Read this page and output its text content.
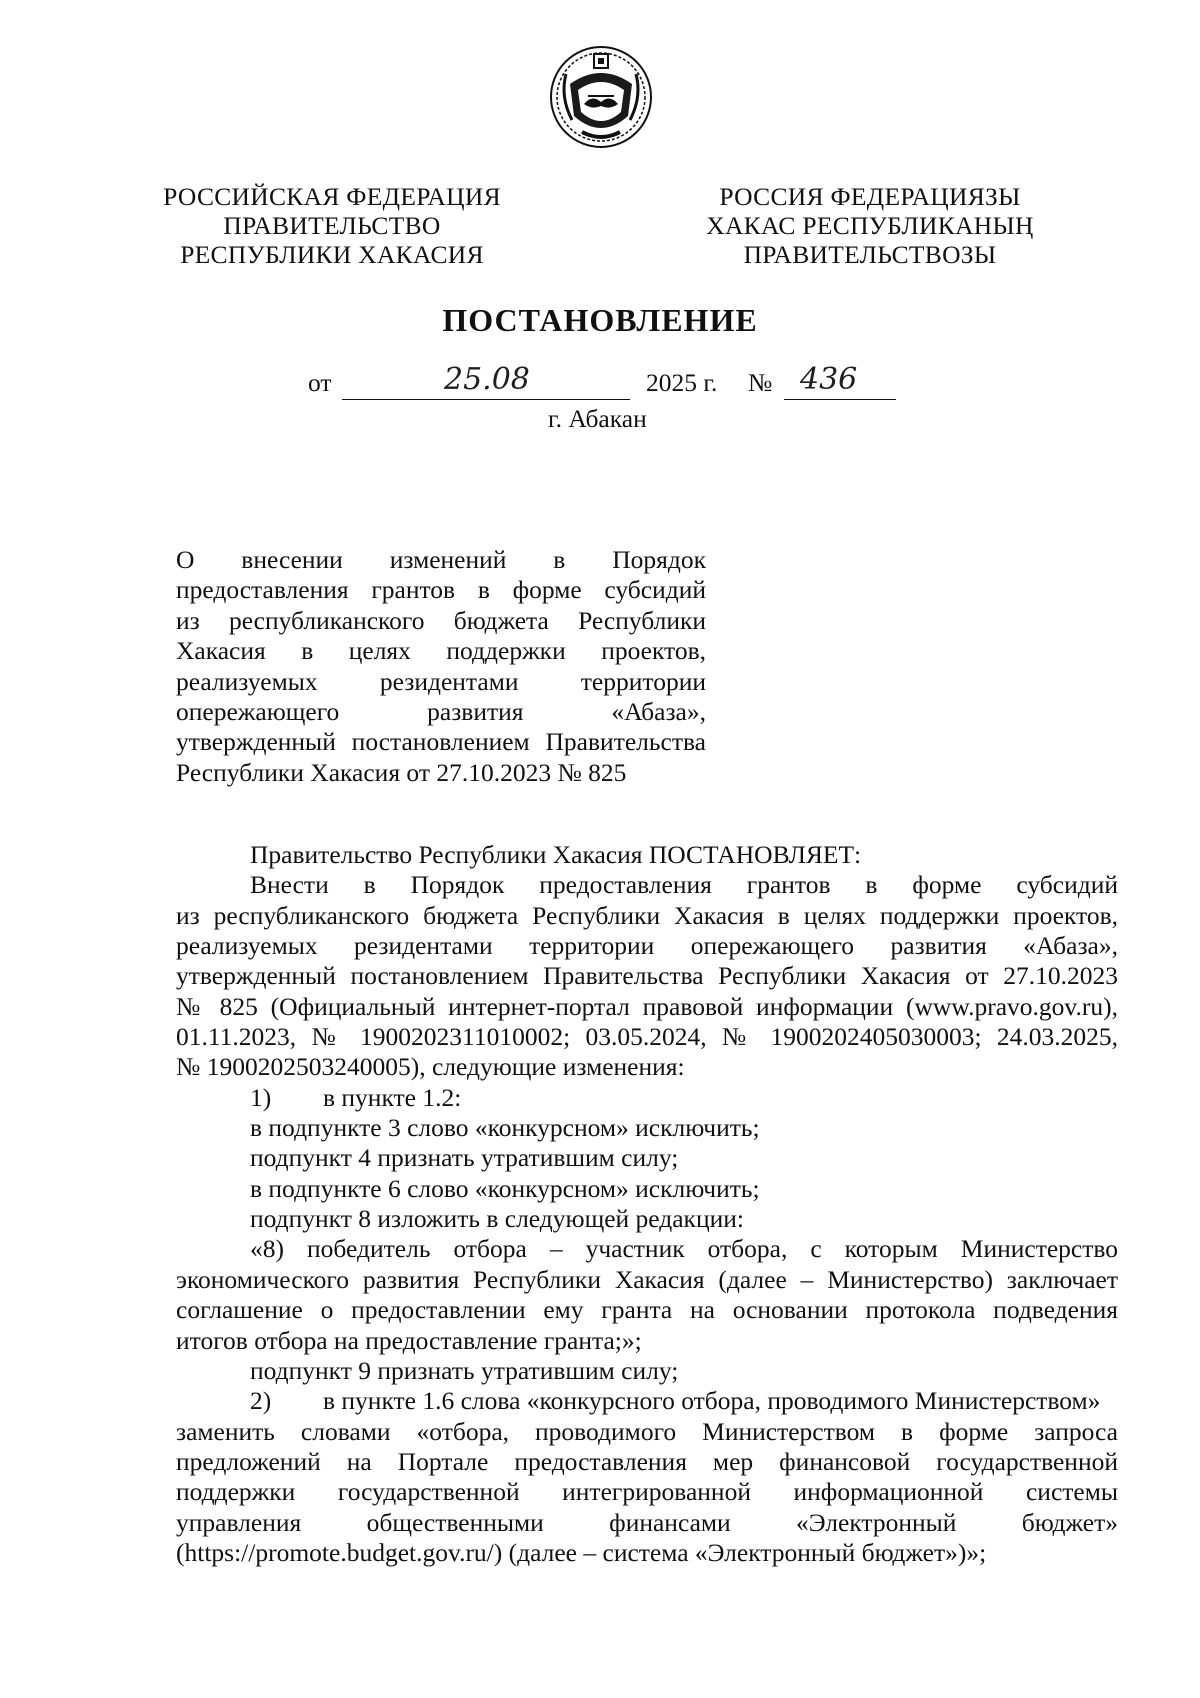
РОССИЙСКАЯ ФЕДЕРАЦИЯ
ПРАВИТЕЛЬСТВО
РЕСПУБЛИКИ ХАКАСИЯ
РОССИЯ ФЕДЕРАЦИЯЗЫ
ХАКАС РЕСПУБЛИКАНЫҢ
ПРАВИТЕЛЬСТВОЗЫ
ПОСТАНОВЛЕНИЕ
от	25.08	2025 г. № 436
г. Абакан
О внесении изменений в Порядок
предоставления грантов в форме субсидий
из республиканского бюджета Республики
Хакасия в целях поддержки проектов,
реализуемых резидентами территории
опережающего развития «Абаза»,
утвержденный постановлением Правительства
Республики Хакасия от 27.10.2023 № 825
Правительство Республики Хакасия ПОСТАНОВЛЯЕТ:
Внести в Порядок предоставления грантов в форме субсидий
из республиканского бюджета Республики Хакасия в целях поддержки проектов,
реализуемых резидентами территории опережающего развития «Абаза»,
утвержденный постановлением Правительства Республики Хакасия от 27.10.2023
№ 825 (Официальный интернет-портал правовой информации (www.pravo.gov.ru),
01.11.2023, № 1900202311010002; 03.05.2024, № 1900202405030003; 24.03.2025,
№ 1900202503240005), следующие изменения:
1) в пункте 1.2:
в подпункте 3 слово «конкурсном» исключить;
подпункт 4 признать утратившим силу;
в подпункте 6 слово «конкурсном» исключить;
подпункт 8 изложить в следующей редакции:
«8) победитель отбора – участник отбора, с которым Министерство
экономического развития Республики Хакасия (далее – Министерство) заключает
соглашение о предоставлении ему гранта на основании протокола подведения
итогов отбора на предоставление гранта;»;
подпункт 9 признать утратившим силу;
2) в пункте 1.6 слова «конкурсного отбора, проводимого Министерством»
заменить словами «отбора, проводимого Министерством в форме запроса
предложений на Портале предоставления мер финансовой государственной
поддержки государственной интегрированной информационной системы
управления общественными финансами «Электронный бюджет»
(https://promote.budget.gov.ru/) (далее – система «Электронный бюджет»)»;
